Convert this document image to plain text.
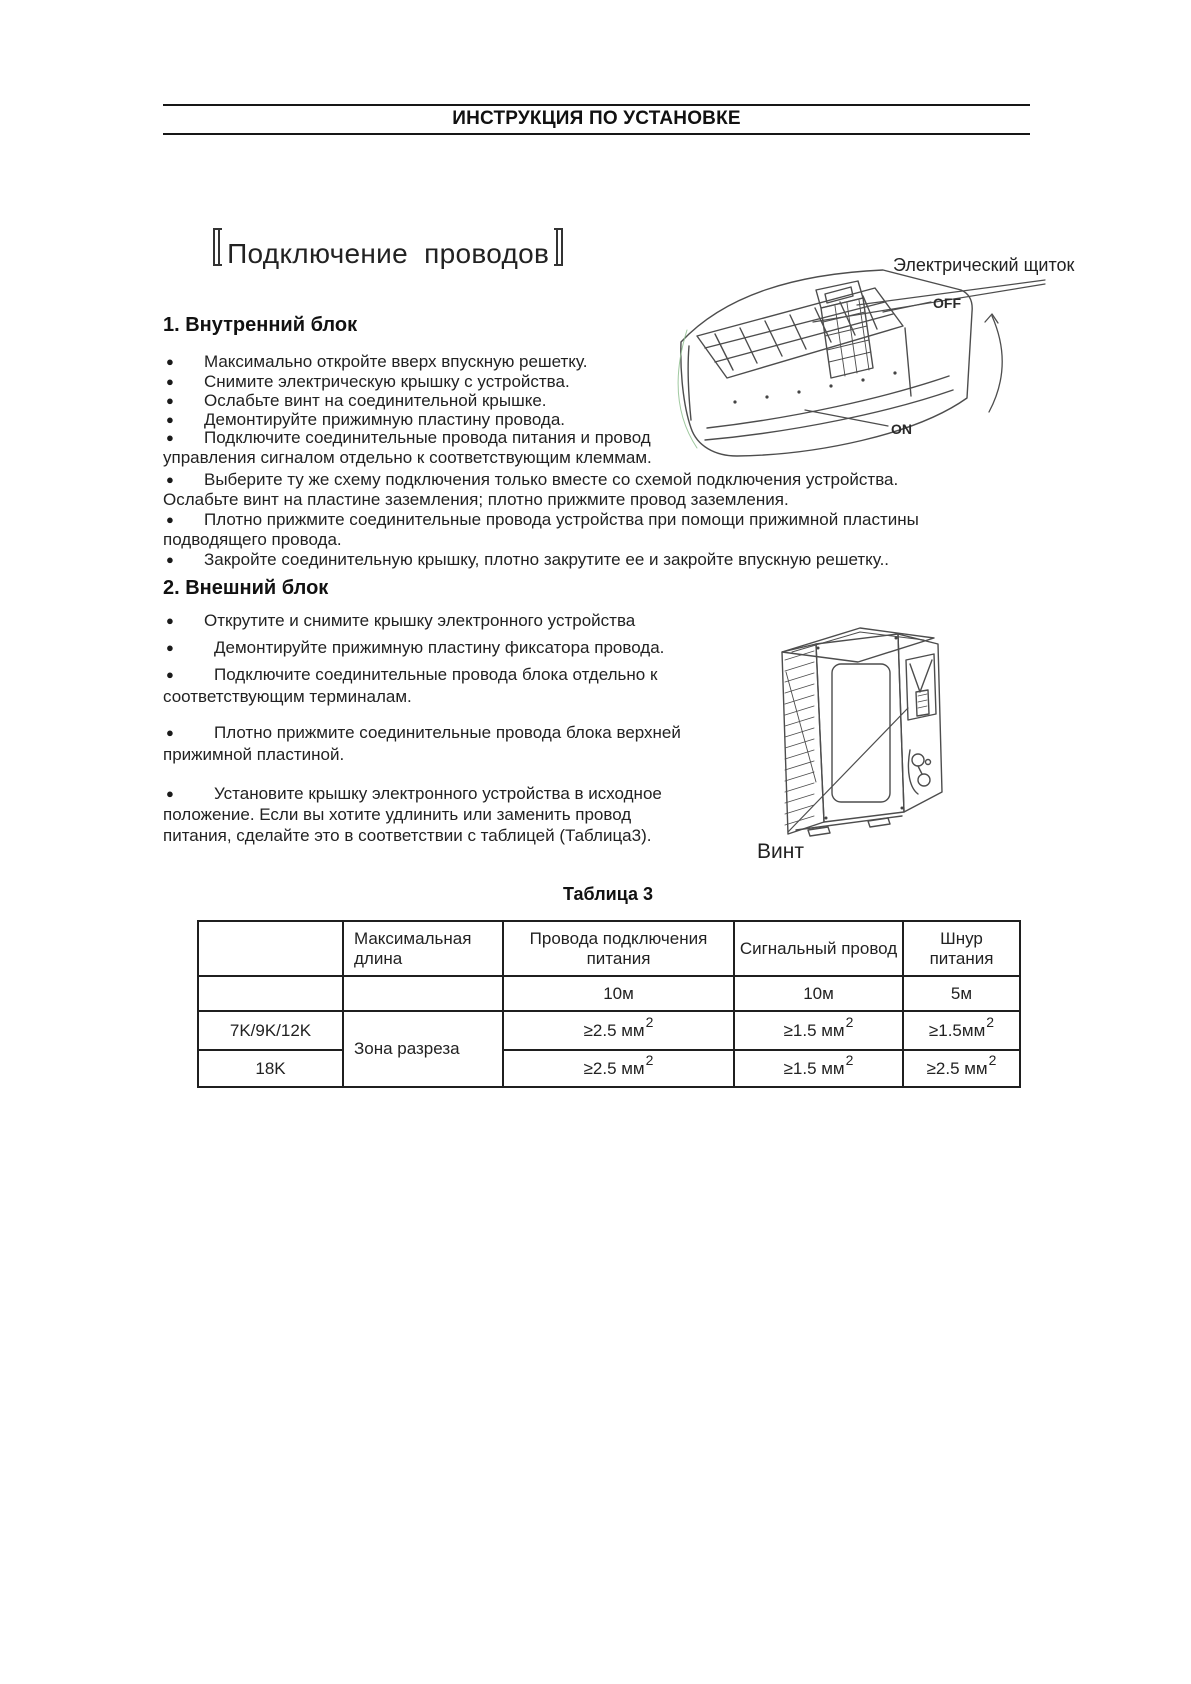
ИНСТРУКЦИЯ ПО УСТАНОВКЕ

Подключение  проводов
	Электрический щиток
OFF
ON
1. Внутренний блок
● Максимально откройте вверх впускную решетку.
● Снимите электрическую крышку с устройства.
● Ослабьте винт на соединительной крышке.
● Демонтируйте прижимную пластину провода.
● Подключите соединительные провода питания и провод
управления сигналом отдельно к соответствующим клеммам.
● Выберите ту же схему подключения только вместе со схемой подключения устройства.
Ослабьте винт на пластине заземления; плотно прижмите провод заземления.
● Плотно прижмите соединительные провода устройства при помощи прижимной пластины
подводящего провода.
● Закройте соединительную крышку, плотно закрутите ее и закройте впускную решетку..
2. Внешний блок
● Открутите и снимите крышку электронного устройства
● Демонтируйте прижимную пластину фиксатора провода.
● Подключите соединительные провода блока отдельно к
соответствующим терминалам.
● Плотно прижмите соединительные провода блока верхней
прижимной пластиной.
● Установите крышку электронного устройства в исходное
положение. Если вы хотите удлинить или заменить провод
питания, сделайте это в соответствии с таблицей (Таблица3).
Винт
Таблица 3
	Максимальная длина	Провода подключения питания	Сигнальный провод	Шнур питания
		10м	10м	5м
7K/9K/12K	Зона разреза	≥2.5 $мм^2$	≥1.5 $мм^2$	$\ge 1.5мм^2$
18K		≥2.5 $мм^2$	≥1.5 $мм^2$	≥2.5 $мм^2$
